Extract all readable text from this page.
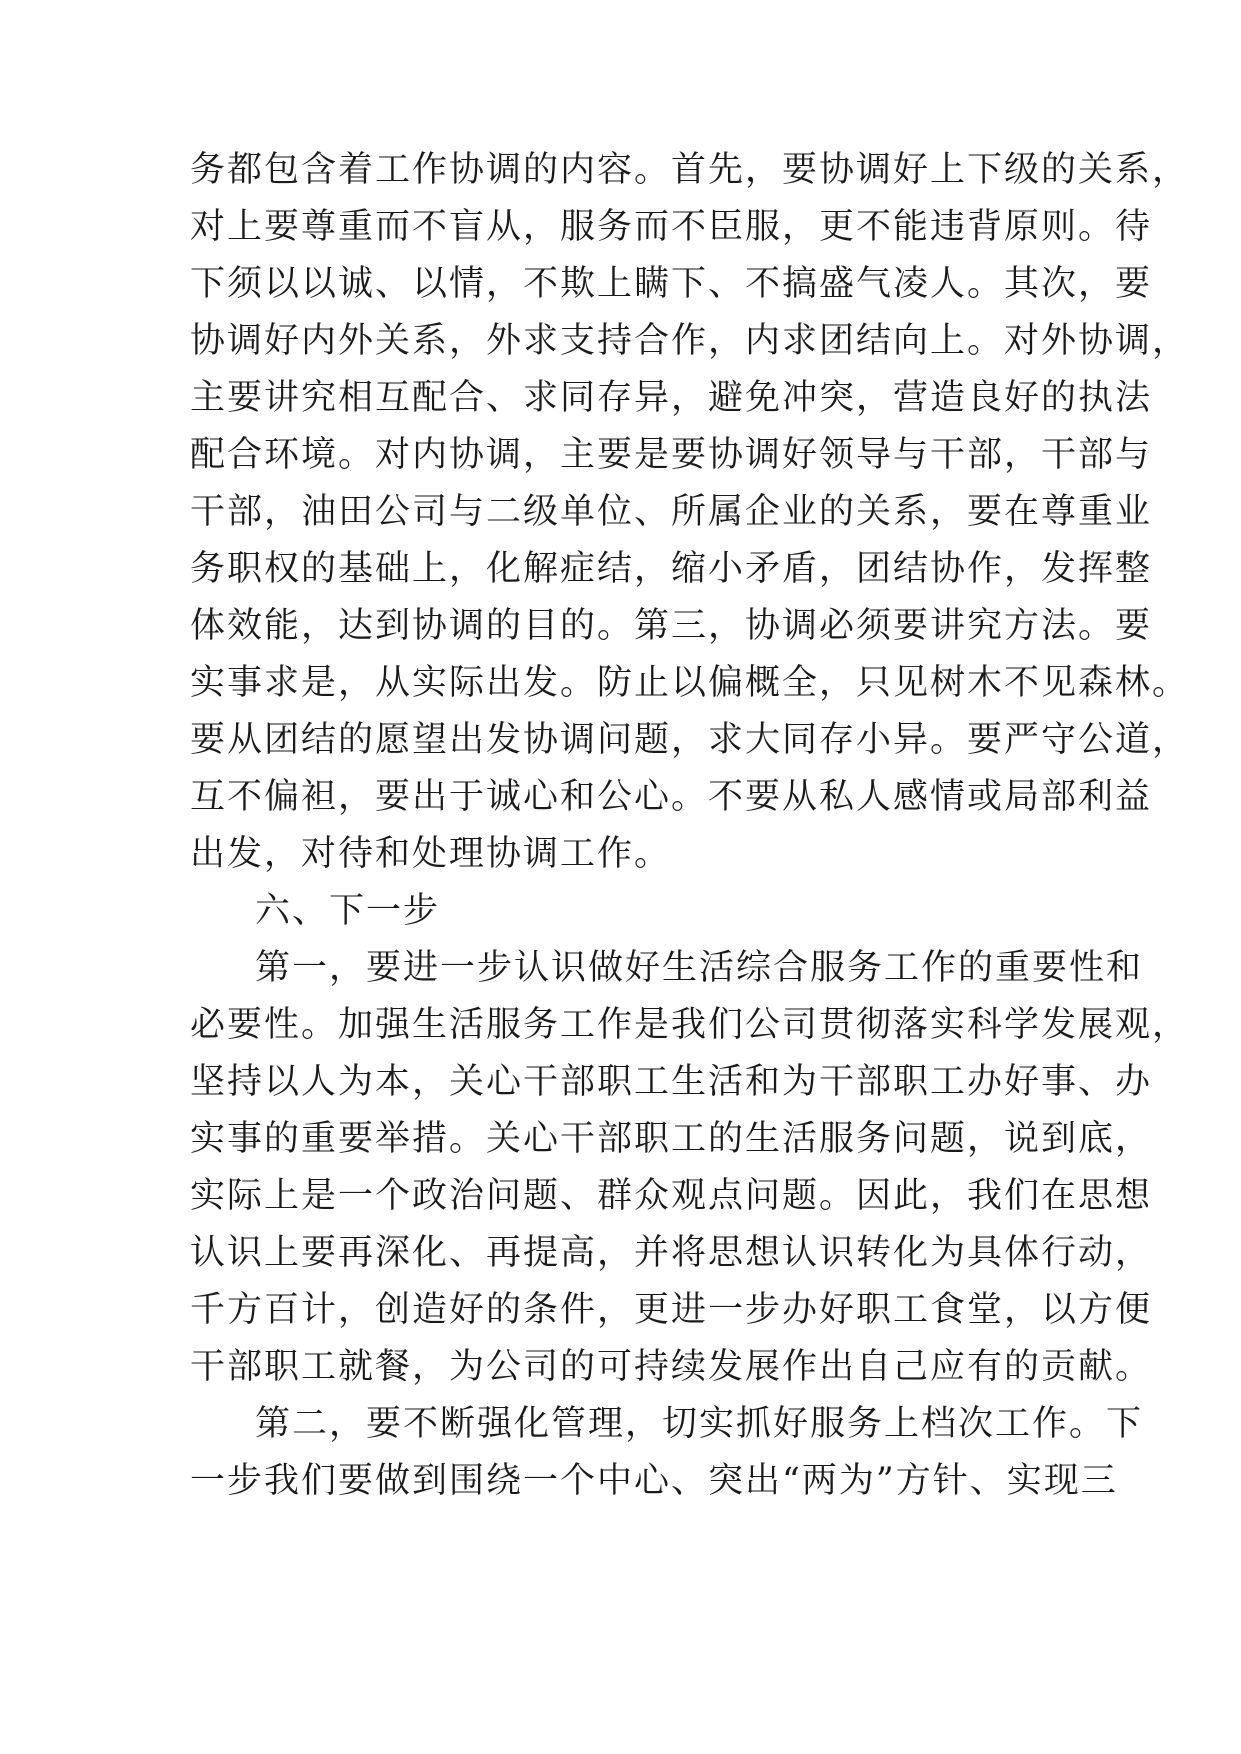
务都包含着工作协调的内容。首先，要协调好上下级的关系，
对上要尊重而不盲从，服务而不臣服，更不能违背原则。待
下须以以诚、以情，不欺上瞒下、不搞盛气凌人。其次，要
协调好内外关系，外求支持合作，内求团结向上。对外协调，
主要讲究相互配合、求同存异，避免冲突，营造良好的执法
配合环境。对内协调，主要是要协调好领导与干部，干部与
干部，油田公司与二级单位、所属企业的关系，要在尊重业
务职权的基础上，化解症结，缩小矛盾，团结协作，发挥整
体效能，达到协调的目的。第三，协调必须要讲究方法。要
实事求是，从实际出发。防止以偏概全，只见树木不见森林。
要从团结的愿望出发协调问题，求大同存小异。要严守公道，
互不偏袒，要出于诚心和公心。不要从私人感情或局部利益
出发，对待和处理协调工作。
六、下一步
第一，要进一步认识做好生活综合服务工作的重要性和
必要性。加强生活服务工作是我们公司贯彻落实科学发展观，
坚持以人为本，关心干部职工生活和为干部职工办好事、办
实事的重要举措。关心干部职工的生活服务问题，说到底，
实际上是一个政治问题、群众观点问题。因此，我们在思想
认识上要再深化、再提高，并将思想认识转化为具体行动，
千方百计，创造好的条件，更进一步办好职工食堂，以方便
干部职工就餐，为公司的可持续发展作出自己应有的贡献。
第二，要不断强化管理，切实抓好服务上档次工作。下
一步我们要做到围绕一个中心、突出“两为”方针、实现三
